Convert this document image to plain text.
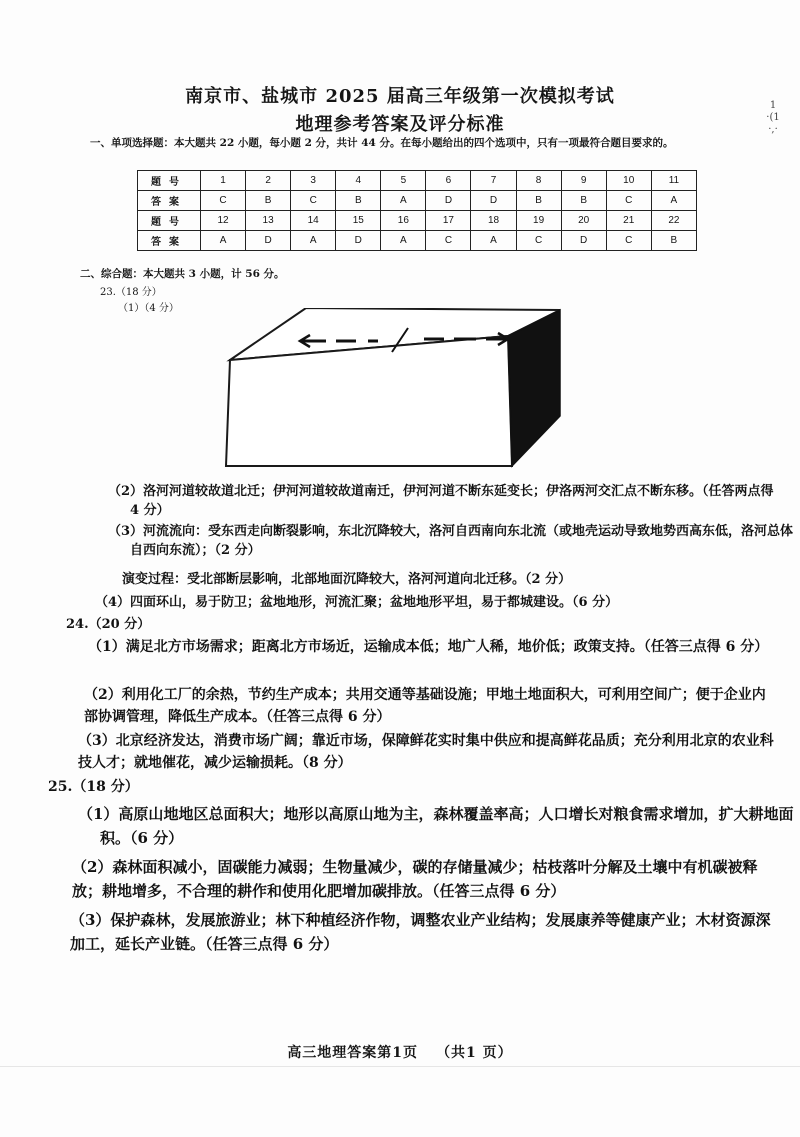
南京市、盐城市 2025 届高三年级第一次模拟考试
地理参考答案及评分标准
1 ·(1 ·,·
一、单项选择题：本大题共 22 小题，每小题 2 分，共计 44 分。在每小题给出的四个选项中，只有一项最符合题目要求的。
题号	1	2	3	4	5	6	7	8	9	10	11
答案	C	B	C	B	A	D	D	B	B	C	A
题号	12	13	14	15	16	17	18	19	20	21	22
答案	A	D	A	D	A	C	A	C	D	C	B
二、综合题：本大题共 3 小题，计 56 分。
23.（18 分）
（1）（4 分）
（2）洛河河道较故道北迁；伊河河道较故道南迁，伊河河道不断东延变长；伊洛两河交汇点不断东移。（任答两点得 4 分）
（3）河流流向：受东西走向断裂影响，东北沉降较大，洛河自西南向东北流（或地壳运动导致地势西高东低，洛河总体自西向东流）；（2 分）
演变过程：受北部断层影响，北部地面沉降较大，洛河河道向北迁移。（2 分）
（4）四面环山，易于防卫；盆地地形，河流汇聚；盆地地形平坦，易于都城建设。（6 分）
24.（20 分）
（1）满足北方市场需求；距离北方市场近，运输成本低；地广人稀，地价低；政策支持。（任答三点得 6 分）
（2）利用化工厂的余热，节约生产成本；共用交通等基础设施；甲地土地面积大，可利用空间广；便于企业内部协调管理，降低生产成本。（任答三点得 6 分）
（3）北京经济发达，消费市场广阔；靠近市场，保障鲜花实时集中供应和提高鲜花品质；充分利用北京的农业科技人才；就地催花，减少运输损耗。（8 分）
25.（18 分）
（1）高原山地地区总面积大；地形以高原山地为主，森林覆盖率高；人口增长对粮食需求增加，扩大耕地面积。（6 分）
（2）森林面积减小，固碳能力减弱；生物量减少，碳的存储量减少；枯枝落叶分解及土壤中有机碳被释放；耕地增多，不合理的耕作和使用化肥增加碳排放。（任答三点得 6 分）
（3）保护森林，发展旅游业；林下种植经济作物，调整农业产业结构；发展康养等健康产业；木材资源深加工，延长产业链。（任答三点得 6 分）
高三地理答案第1页 （共1 页）
